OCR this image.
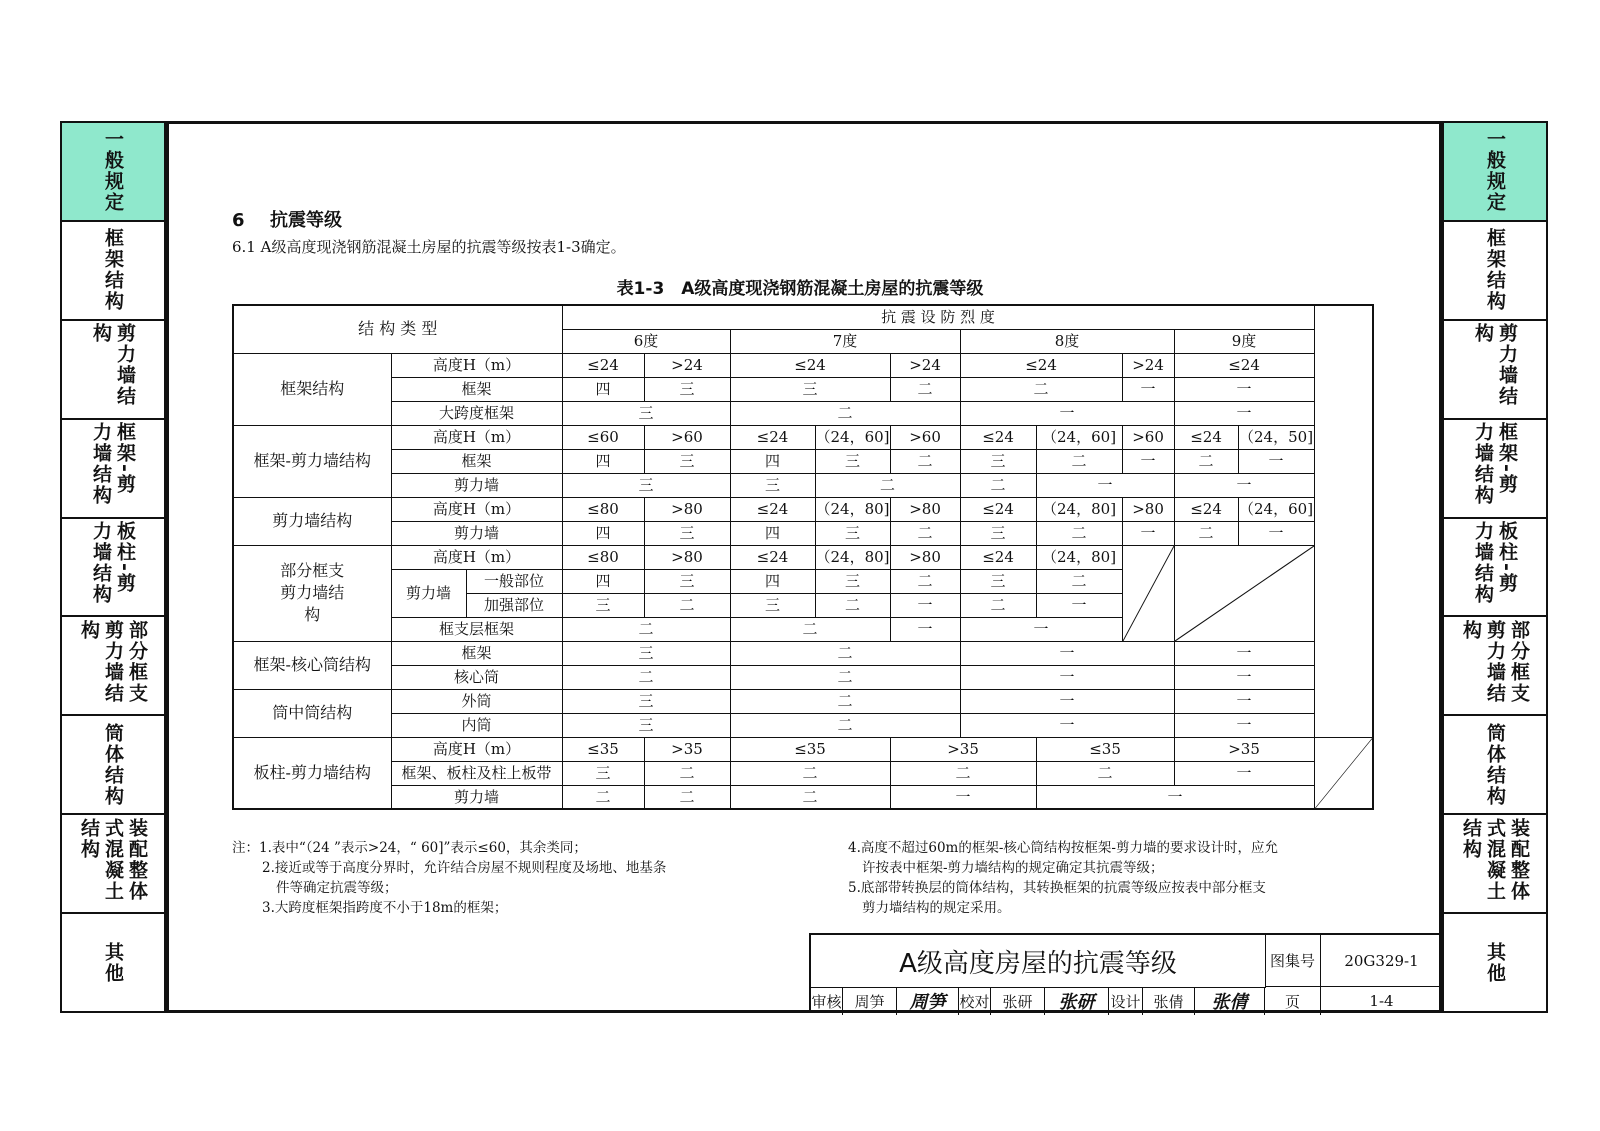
一般规定
框架结构
剪力墙结构
框架-剪力墙结构
板柱-剪力墙结构
部分框支剪力墙结构
筒体结构
装配整体式混凝土结构
其他
一般规定
框架结构
剪力墙结构
框架-剪力墙结构
板柱-剪力墙结构
部分框支剪力墙结构
筒体结构
装配整体式混凝土结构
其他
6 抗震等级
6.1 A级高度现浇钢筋混凝土房屋的抗震等级按表1-3确定。
表1-3　A级高度现浇钢筋混凝土房屋的抗震等级
结 构 类 型			抗 震 设 防 烈 度										
			6度		7度			8度			9度		
框架结构	高度H（m）		≤24	>24	≤24		>24	≤24		>24	≤24		
	框架		四	三	三		二	二		一	一		
	大跨度框架		三		二			一			一		
框架-剪力墙结构	高度H（m）		≤60	>60	≤24	（24，60]	>60	≤24	（24，60]	>60	≤24	（24，50]	
	框架		四	三	四	三	二	三	二	一	二	一	
	剪力墙		三		三	二		二	一		一		
剪力墙结构	高度H（m）		≤80	>80	≤24	（24，80]	>80	≤24	（24，80]	>80	≤24	（24，60]	
	剪力墙		四	三	四	三	二	三	二	一	二	一	
部分框支剪力墙结构	高度H（m）		≤80	>80	≤24	（24，80]	>80	≤24	（24，80]	

	剪力墙	一般部位	四	三	四	三	二	三	二				
		加强部位	三	二	三	二	一	二	一				
	框支层框架		二		二		一	一					
框架-核心筒结构	框架		三		二			一			一		
	核心筒		二		二			一			一		
筒中筒结构	外筒		三		二			一			一		
	内筒		三		二			一			一		
板柱-剪力墙结构	高度H（m）		≤35	>35	≤35		>35		≤35		>35	

	框架、板柱及柱上板带		三	二	二		二		二		一		
	剪力墙		二	二	二		一		一				
注：1.表中“（24 ”表示>24，“ 60]”表示≤60，其余类同；
2.接近或等于高度分界时，允许结合房屋不规则程度及场地、地基条
件等确定抗震等级；
3.大跨度框架指跨度不小于18m的框架；
4.高度不超过60m的框架-核心筒结构按框架-剪力墙的要求设计时，应允
许按表中框架-剪力墙结构的规定确定其抗震等级；
5.底部带转换层的筒体结构，其转换框架的抗震等级应按表中部分框支
剪力墙结构的规定采用。
A级高度房屋的抗震等级	图集号	20G329-1
审核 周笋	周笋 校对 张研	张研	设计 张倩	张倩	页	1-4
